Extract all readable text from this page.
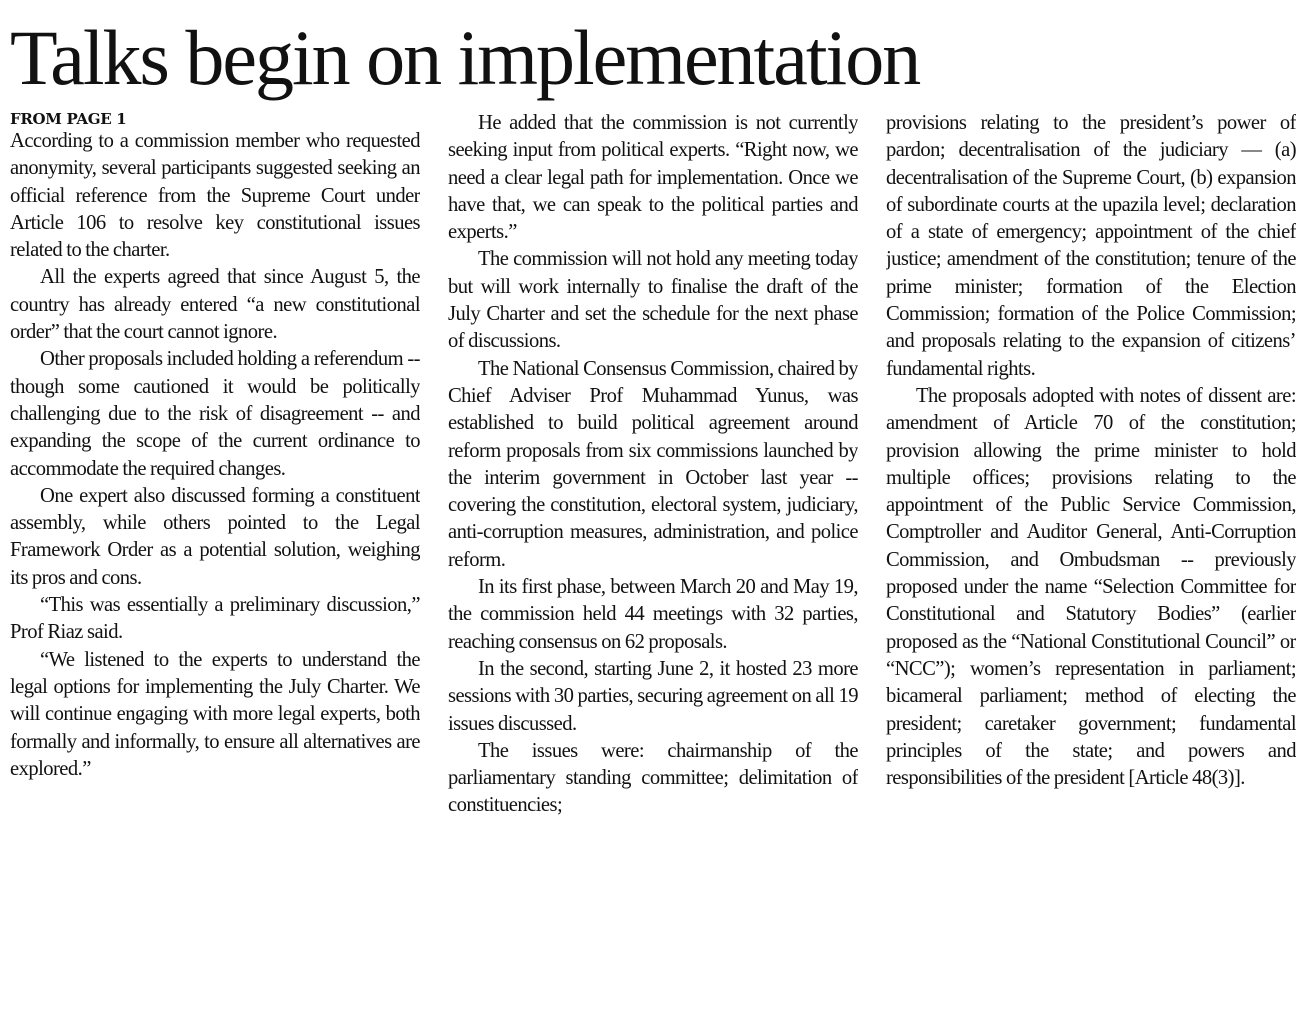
Talks begin on implementation

FROM PAGE 1

According to a commission member who requested anonymity, several participants suggested seeking an official reference from the Supreme Court under Article 106 to resolve key constitutional issues related to the charter.

All the experts agreed that since August 5, the country has already entered “a new constitutional order” that the court cannot ignore.

Other proposals included holding a referendum -- though some cautioned it would be politically challenging due to the risk of disagreement -- and expanding the scope of the current ordinance to accommodate the required changes.

One expert also discussed forming a constituent assembly, while others pointed to the Legal Framework Order as a potential solution, weighing its pros and cons.

“This was essentially a preliminary discussion,” Prof Riaz said.

“We listened to the experts to understand the legal options for implementing the July Charter. We will continue engaging with more legal experts, both formally and informally, to ensure all alternatives are explored.”

He added that the commission is not currently seeking input from political experts. “Right now, we need a clear legal path for implementation. Once we have that, we can speak to the political parties and experts.”

The commission will not hold any meeting today but will work internally to finalise the draft of the July Charter and set the schedule for the next phase of discussions.

The National Consensus Commission, chaired by Chief Adviser Prof Muhammad Yunus, was established to build political agreement around reform proposals from six commissions launched by the interim government in October last year -- covering the constitution, electoral system, judiciary, anti-corruption measures, administration, and police reform.

In its first phase, between March 20 and May 19, the commission held 44 meetings with 32 parties, reaching consensus on 62 proposals.

In the second, starting June 2, it hosted 23 more sessions with 30 parties, securing agreement on all 19 issues discussed.

The issues were: chairmanship of the parliamentary standing committee; delimitation of constituencies;

provisions relating to the president’s power of pardon; decentralisation of the judiciary — (a) decentralisation of the Supreme Court, (b) expansion of subordinate courts at the upazila level; declaration of a state of emergency; appointment of the chief justice; amendment of the constitution; tenure of the prime minister; formation of the Election Commission; formation of the Police Commission; and proposals relating to the expansion of citizens’ fundamental rights.

The proposals adopted with notes of dissent are: amendment of Article 70 of the constitution; provision allowing the prime minister to hold multiple offices; provisions relating to the appointment of the Public Service Commission, Comptroller and Auditor General, Anti-Corruption Commission, and Ombudsman -- previously proposed under the name “Selection Committee for Constitutional and Statutory Bodies” (earlier proposed as the “National Constitutional Council” or “NCC”); women’s representation in parliament; bicameral parliament; method of electing the president; caretaker government; fundamental principles of the state; and powers and responsibilities of the president [Article 48(3)].
